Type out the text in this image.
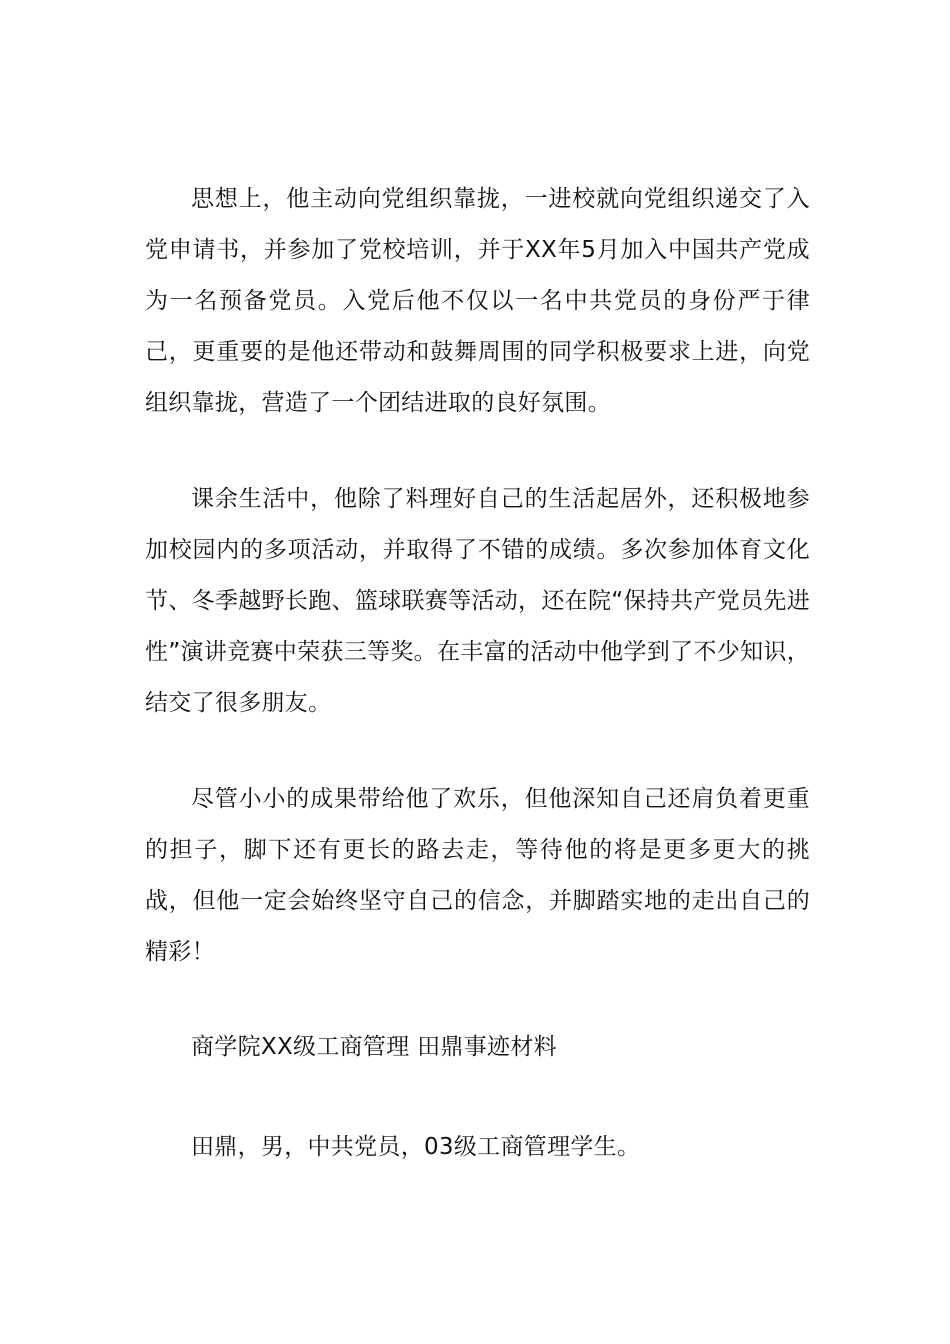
思想上，他主动向党组织靠拢，一进校就向党组织递交了入党申请书，并参加了党校培训，并于XX年5月加入中国共产党成为一名预备党员。入党后他不仅以一名中共党员的身份严于律己，更重要的是他还带动和鼓舞周围的同学积极要求上进，向党组织靠拢，营造了一个团结进取的良好氛围。

课余生活中，他除了料理好自己的生活起居外，还积极地参加校园内的多项活动，并取得了不错的成绩。多次参加体育文化节、冬季越野长跑、篮球联赛等活动，还在院“保持共产党员先进性”演讲竞赛中荣获三等奖。在丰富的活动中他学到了不少知识，结交了很多朋友。

尽管小小的成果带给他了欢乐，但他深知自己还肩负着更重的担子，脚下还有更长的路去走，等待他的将是更多更大的挑战，但他一定会始终坚守自己的信念，并脚踏实地的走出自己的精彩！

商学院XX级工商管理 田鼎事迹材料

田鼎，男，中共党员，03级工商管理学生。
